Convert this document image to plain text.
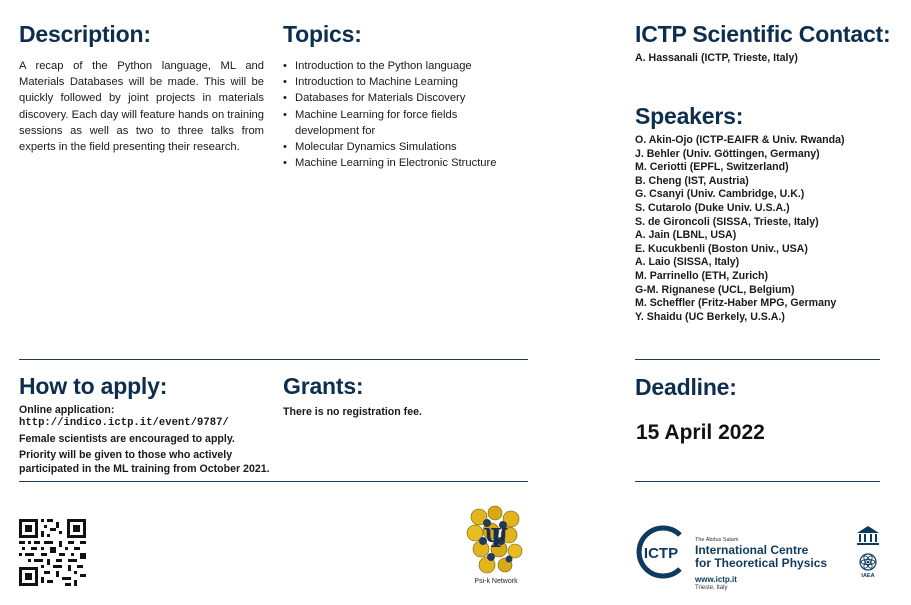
Description:
A recap of the Python language, ML and Materials Databases will be made. This will be quickly followed by joint projects in materials discovery. Each day will feature hands on training sessions as well as two to three talks from experts in the field presenting their research.
Topics:
• Introduction to the Python language
• Introduction to Machine Learning
• Databases for Materials Discovery
• Machine Learning for force fields development for
• Molecular Dynamics Simulations
• Machine Learning in Electronic Structure
ICTP Scientific Contact:
A. Hassanali (ICTP, Trieste, Italy)
Speakers:
O. Akin-Ojo (ICTP-EAIFR & Univ. Rwanda)
J. Behler (Univ. Göttingen, Germany)
M. Ceriotti (EPFL, Switzerland)
B. Cheng (IST, Austria)
G. Csanyi (Univ. Cambridge, U.K.)
S. Cutarolo (Duke Univ. U.S.A.)
S. de Gironcoli (SISSA, Trieste, Italy)
A. Jain (LBNL, USA)
E. Kucukbenli (Boston Univ., USA)
A. Laio (SISSA, Italy)
M. Parrinello (ETH, Zurich)
G-M. Rignanese (UCL, Belgium)
M. Scheffler (Fritz-Haber MPG, Germany
Y. Shaidu (UC Berkely, U.S.A.)
How to apply:
Online application:
http://indico.ictp.it/event/9787/
Female scientists are encouraged to apply.
Priority will be given to those who actively participated in the ML training from October 2021.
Grants:
There is no registration fee.
Deadline:
15 April 2022
Ψ
Psi-k Network
ICTP
The Abdus Salam
International Centre
for Theoretical Physics
www.ictp.it
Trieste, Italy
IAEA
